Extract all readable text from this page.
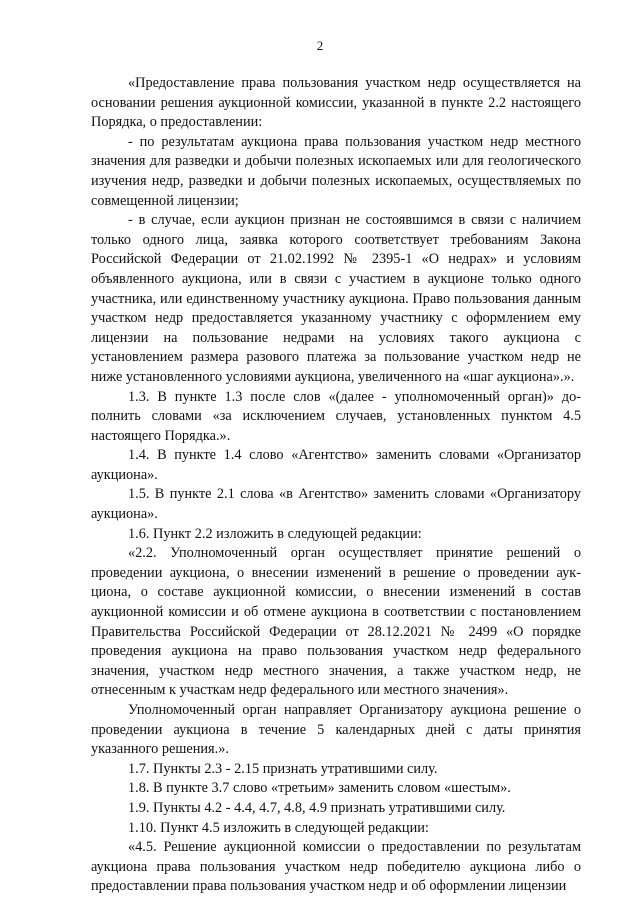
2

«Предоставление права пользования участком недр осуществляется на основании решения аукционной комиссии, указанной в пункте 2.2 настоящего Порядка, о предоставлении:

- по результатам аукциона права пользования участком недр местного значения для разведки и добычи полезных ископаемых или для геологического изучения недр, разведки и добычи полезных ископаемых, осуществляемых по совмещенной лицензии;

- в случае, если аукцион признан не состоявшимся в связи с наличием только одного лица, заявка которого соответствует требованиям Закона Российской Федерации от 21.02.1992 № 2395-1 «О недрах» и условиям объявленного аукциона, или в связи с участием в аукционе только одного участника, или единственному участнику аукциона. Право пользования данным участком недр предоставляется указанному участнику с оформлением ему лицензии на пользование недрами на условиях такого аукциона с установлением размера разового платежа за пользование участком недр не ниже установленного условиями аукциона, увеличенного на «шаг аукциона».».

1.3. В пункте 1.3 после слов «(далее - уполномоченный орган)» дополнить словами «за исключением случаев, установленных пунктом 4.5 настоящего Порядка.».

1.4. В пункте 1.4 слово «Агентство» заменить словами «Организатор аукциона».

1.5. В пункте 2.1 слова «в Агентство» заменить словами «Организатору аукциона».

1.6. Пункт 2.2 изложить в следующей редакции:

«2.2. Уполномоченный орган осуществляет принятие решений о проведении аукциона, о внесении изменений в решение о проведении аукциона, о составе аукционной комиссии, о внесении изменений в состав аукционной комиссии и об отмене аукциона в соответствии с постановлением Правительства Российской Федерации от 28.12.2021 № 2499 «О порядке проведения аукциона на право пользования участком недр федерального значения, участком недр местного значения, а также участком недр, не отнесенным к участкам недр федерального или местного значения».

Уполномоченный орган направляет Организатору аукциона решение о проведении аукциона в течение 5 календарных дней с даты принятия указанного решения.».

1.7. Пункты 2.3 - 2.15 признать утратившими силу.

1.8. В пункте 3.7 слово «третьим» заменить словом «шестым».

1.9. Пункты 4.2 - 4.4, 4.7, 4.8, 4.9 признать утратившими силу.

1.10. Пункт 4.5 изложить в следующей редакции:

«4.5. Решение аукционной комиссии о предоставлении по результатам аукциона права пользования участком недр победителю аукциона либо о предоставлении права пользования участком недр и об оформлении лицензии
